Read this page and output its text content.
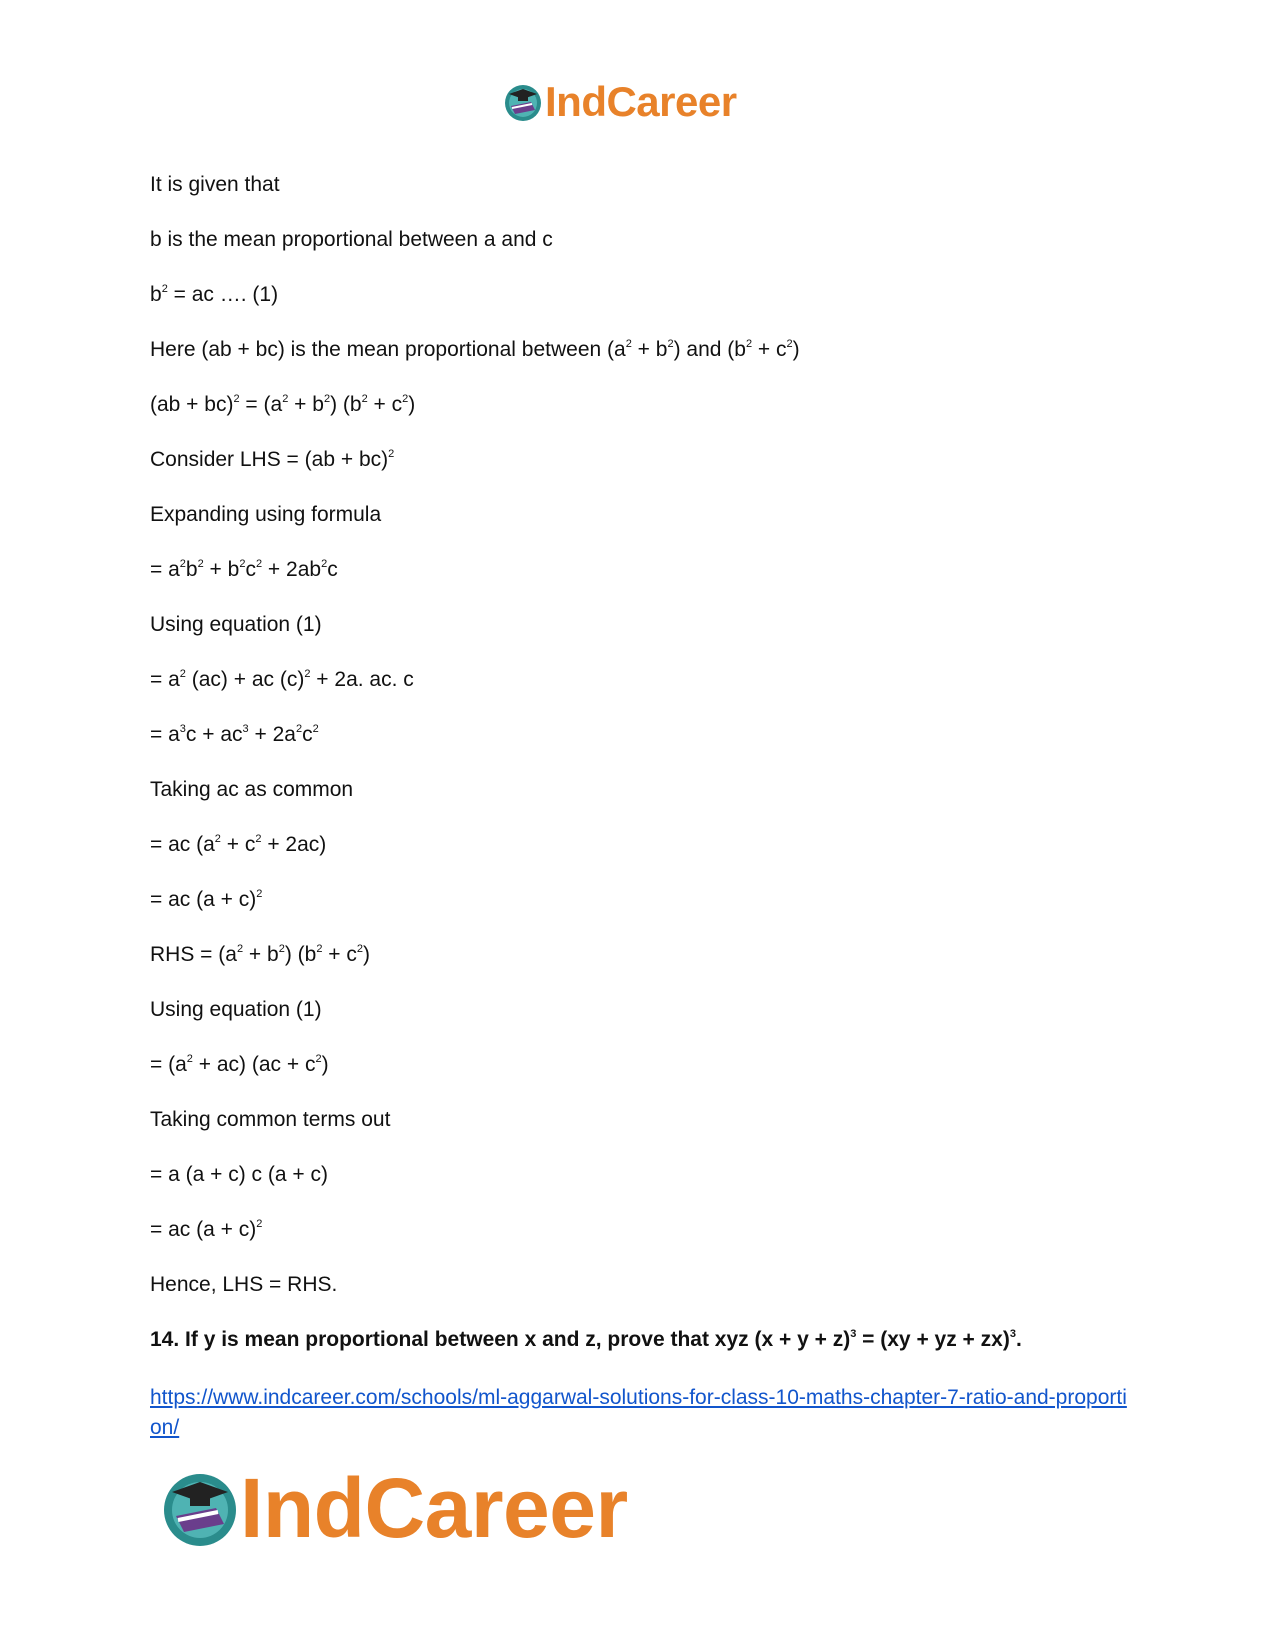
IndCareer
It is given that
b is the mean proportional between a and c
$b^2$ = ac …. (1)
Here (ab + bc) is the mean proportional between $(a^2 + b^2)$ and $(b^2 + c^2)$
$(ab + bc)^2 = (a^2 + b^2) (b^2 + c^2)$
Consider LHS = (ab + bc)$^2$
Expanding using formula
= $a^2b^2 + b^2c^2 + 2ab^2c$
Using equation (1)
= $a^2$ (ac) + ac $(c)^2 + 2a$. ac. c
= $a^3c + ac^3 + 2a^2c^2$
Taking ac as common
= ac $(a^2 + c^2 + 2ac)$
= ac $(a + c)^2$
RHS = $(a^2 + b^2) (b^2 + c^2)$
Using equation (1)
= $(a^2 + ac) (ac + c^2)$
Taking common terms out
= a (a + c) c (a + c)
= ac $(a + c)^2$
Hence, LHS = RHS.
14. If y is mean proportional between x and z, prove that xyz $(x + y + z)^3 = (xy$ + yz + zx)$^3$.
https://www.indcareer.com/schools/ml-aggarwal-solutions-for-class-10-maths-chapter-7-ratio-and-proportion/
IndCareer
